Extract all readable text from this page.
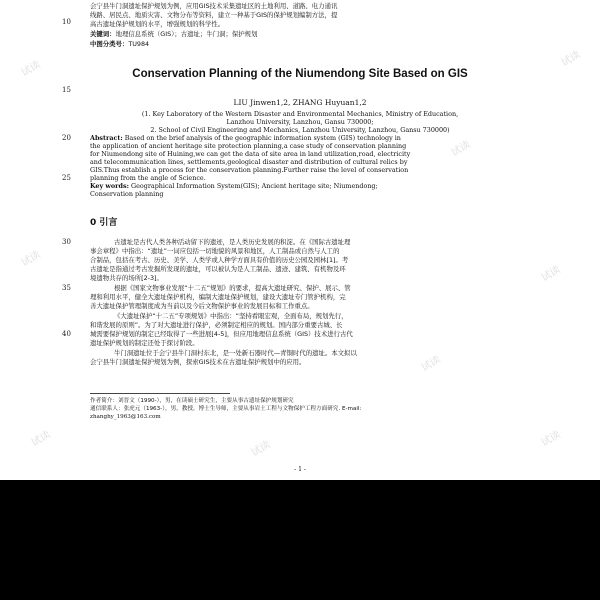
10
15
20
25
30
35
40
会宁县牛门洞遗址保护规划为例，应用GIS技术采集遗址区的土地利用、道路、电力通讯
线路、居民点、地质灾害、文物分布等资料，建立一种基于GIS的保护规划编制方法，提
高古遗址保护规划的水平，增强规划的科学性。
关键词：地理信息系统（GIS）；古遗址；牛门洞；保护规划
中图分类号：TU984
Conservation Planning of the Niumendong Site Based on GIS
LIU Jinwen1,2, ZHANG Huyuan1,2
(1. Key Laboratory of the Western Disaster and Environmental Mechanics, Ministry of Education,
Lanzhou University, Lanzhou, Gansu 730000;
2. School of Civil Engineering and Mechanics, Lanzhou University, Lanzhou, Gansu 730000)
Abstract: Based on the brief analysis of the geographic information system (GIS) technology in
the application of ancient heritage site protection planning,a case study of conservation planning
for Niumendong site of Huining,we can get the data of site area in land utilization,road, electricity
and telecommunication lines, settlements,geological disaster and distribution of cultural relics by
GIS.Thus establish a process for the conservation planning.Further raise the level of conservation
planning from the angle of Science.
Key words: Geographical Information System(GIS); Ancient heritage site; Niumendong;
Conservation planning
0 引言
古遗址是古代人类各种活动留下的遗迹，是人类历史发展的积淀。在《国际古遗址理
事会章程》中指出：“遗址”一词应包括一切地貌的风景和地区，人工制品或自然与人工的
合制品，包括在考古、历史、美学、人类学或人种学方面具有价值的历史公园及园林[1]。考
古遗址是指通过考古发掘所发现的遗址，可以被认为是人工制品、遗迹、建筑、有机物及环
境遗物共存的场所[2-3]。
根据《国家文物事业发展“十二五”规划》的要求，提高大遗址研究、保护、展示、管
理和利用水平，健全大遗址保护机构，编制大遗址保护规划，建设大遗址专门管护机构，完
善大遗址保护管理制度成为当前以及今后文物保护事业的发展目标和工作重点。
《大遗址保护“十二五”专项规划》中指出：“坚持看眼宏观，全面布局，规划先行，
和谐发展的原则”。为了对大遗址进行保护，必须制定相应的规划。国内部分重要古城、长
城需要保护规划的制定已经取得了一些进展[4-5]，但应用地理信息系统（GIS）技术进行古代
遗址保护规划的制定还处于探讨阶段。
牛门洞遗址位于会宁县牛门洞村东北，是一处新石器时代—青铜时代的遗址。本文拟以
会宁县牛门洞遗址保护规划为例，探索GIS技术在古遗址保护规划中的应用。
作者简介：刘晋文（1990-），男，在读硕士研究生，主要从事古遗址保护规划研究
通信联系人：张虎元（1963-），男，教授，博士生导师，主要从事岩土工程与文物保护工程方面研究. E-mail:
zhanghy_1963@163.com
- 1 -
试读
试读
试读
试读
试读
试读
试读
试读
试读
